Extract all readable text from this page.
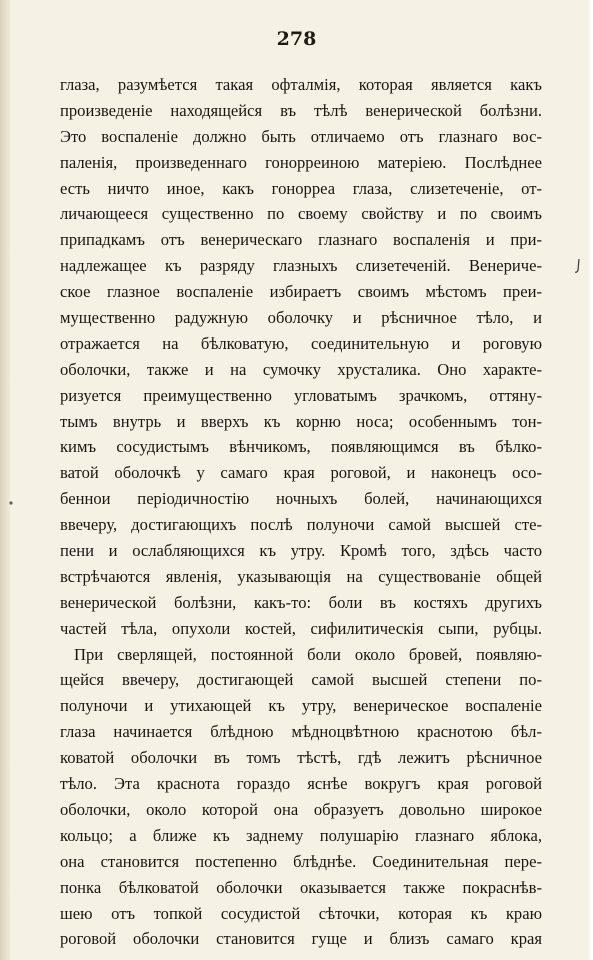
278
глаза, разумѣется такая офталмія, которая является какъ
произведеніе находящейся въ тѣлѣ венерической болѣзни.
Это воспаленіе должно быть отличаемо отъ глазнаго вос-
паленія, произведеннаго гонорреиною матеріею. Послѣднее
есть ничто иное, какъ гонорреа глаза, слизетеченіе, от-
личающееся существенно по своему свойству и по своимъ
припадкамъ отъ венерическаго глазнаго воспаленія и при-
надлежащее къ разряду глазныхъ слизетеченій. Венериче-
ское глазное воспаленіе избираетъ своимъ мѣстомъ преи-
мущественно радужную оболочку и рѣсничное тѣло, и
отражается на бѣлковатую, соединительную и роговую
оболочки, также и на сумочку хрусталика. Оно характе-
ризуется преимущественно угловатымъ зрачкомъ, оттяну-
тымъ внутрь и вверхъ къ корню носа; особеннымъ тон-
кимъ сосудистымъ вѣнчикомъ, появляющимся въ бѣлко-
ватой оболочкѣ у самаго края роговой, и наконецъ осо-
беннои періодичностію ночныхъ болей, начинающихся
ввечеру, достигающихъ послѣ полуночи самой высшей сте-
пени и ослабляющихся къ утру. Кромѣ того, здѣсь часто
встрѣчаются явленія, указывающія на существованіе общей
венерической болѣзни, какъ-то: боли въ костяхъ другихъ
частей тѣла, опухоли костей, сифилитическія сыпи, рубцы.
При сверлящей, постоянной боли около бровей, появляю-
щейся ввечеру, достигающей самой высшей степени по-
полуночи и утихающей къ утру, венерическое воспаленіе
глаза начинается блѣдною мѣдноцвѣтною краснотою бѣл-
коватой оболочки въ томъ тѣстѣ, гдѣ лежитъ рѣсничное
тѣло. Эта краснота гораздо яснѣе вокругъ края роговой
оболочки, около которой она образуетъ довольно широкое
кольцо; а ближе къ заднему полушарію глазнаго яблока,
она становится постепенно блѣднѣе. Соединительная пере-
понка бѣлковатой оболочки оказывается также покраснѣв-
шею отъ топкой сосудистой сѣточки, которая къ краю
роговой оболочки становится гуще и близъ самаго края
